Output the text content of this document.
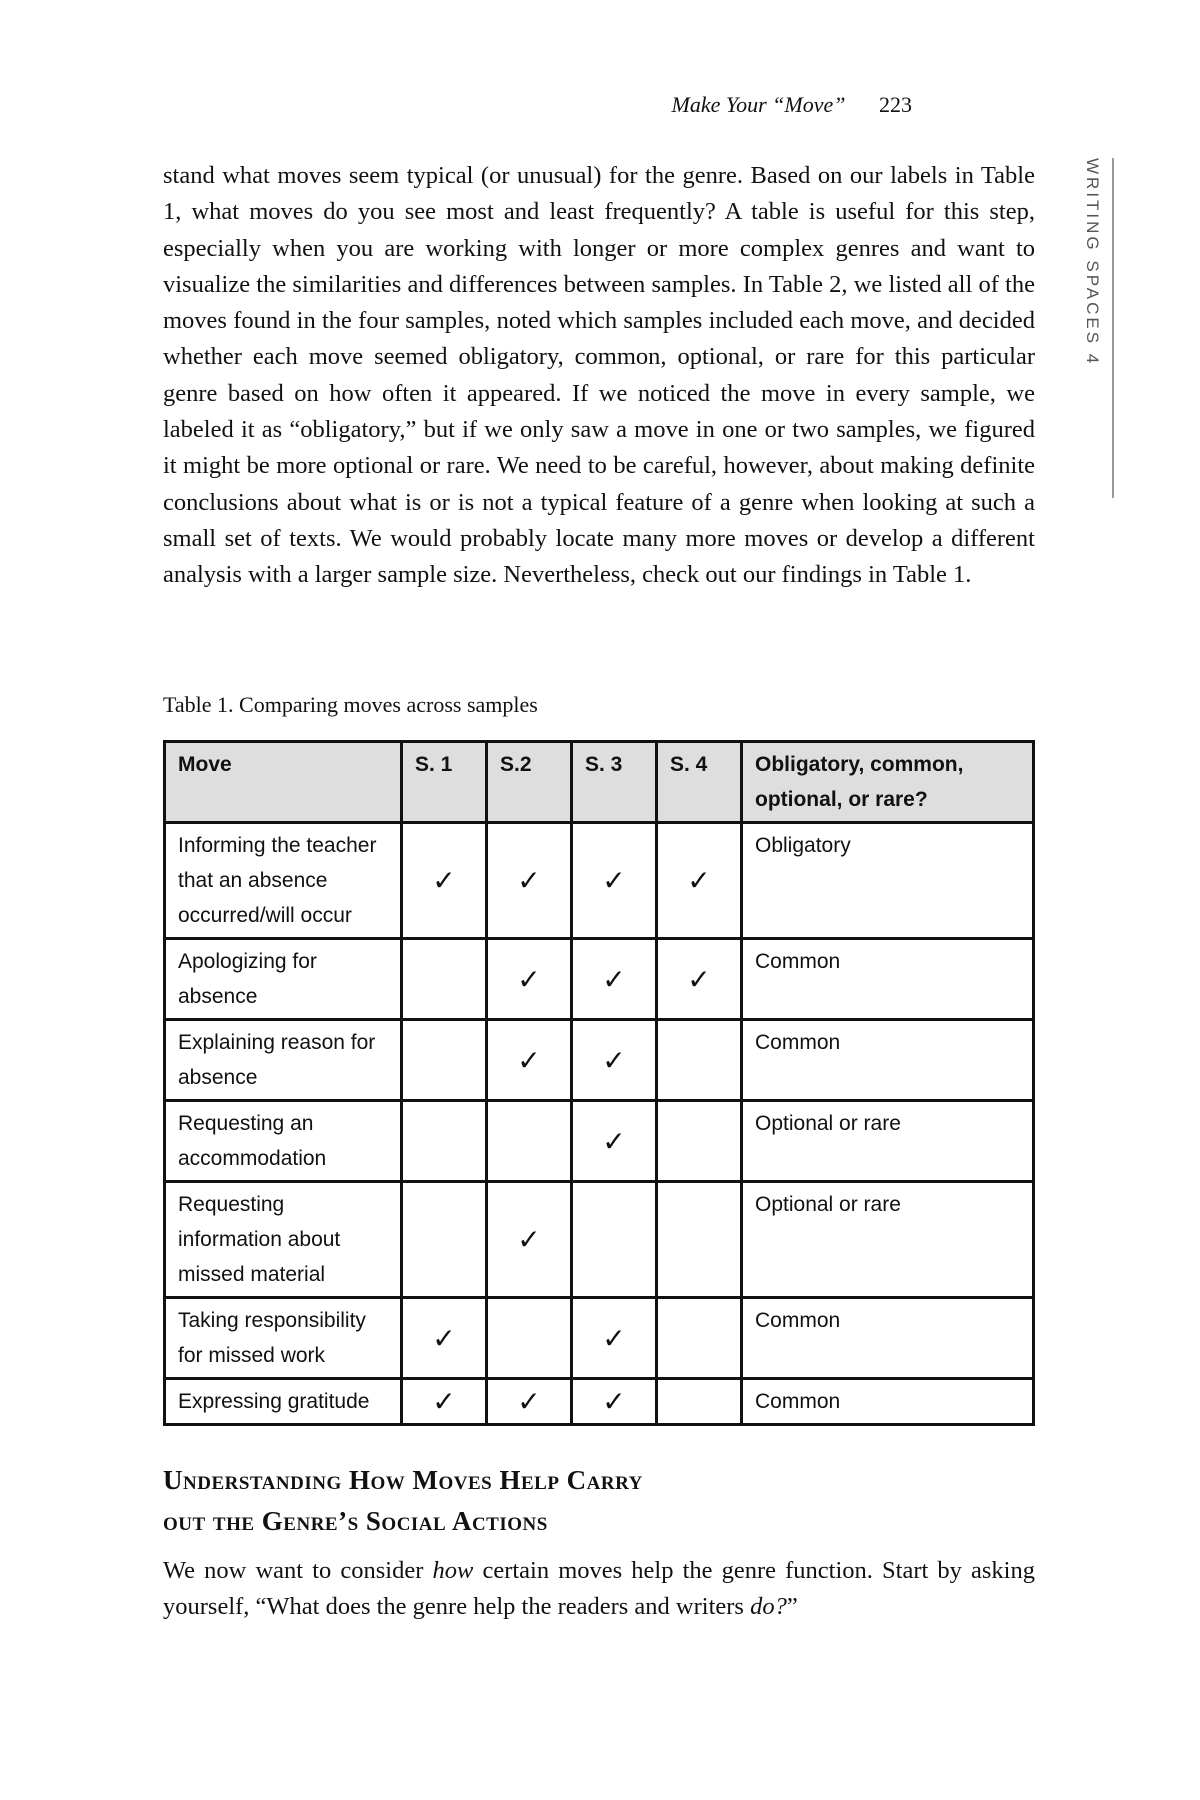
Make Your “Move” 223
WRITING SPACES 4

stand what moves seem typical (or unusual) for the genre. Based on our labels in Table 1, what moves do you see most and least frequently? A table is useful for this step, especially when you are working with longer or more complex genres and want to visualize the similarities and differences between samples. In Table 2, we listed all of the moves found in the four samples, noted which samples included each move, and decided whether each move seemed obligatory, common, optional, or rare for this particular genre based on how often it appeared. If we noticed the move in every sample, we labeled it as “obligatory,” but if we only saw a move in one or two samples, we figured it might be more optional or rare. We need to be careful, however, about making definite conclusions about what is or is not a typical feature of a genre when looking at such a small set of texts. We would probably locate many more moves or develop a different analysis with a larger sample size. Nevertheless, check out our findings in Table 1.

Table 1. Comparing moves across samples

Move	S. 1	S.2	S. 3	S. 4	Obligatory, common, optional, or rare?
Informing the teacher that an absence occurred/will occur	✓	✓	✓	✓	Obligatory
Apologizing for absence		✓	✓	✓	Common
Explaining reason for absence		✓	✓		Common
Requesting an accommodation			✓		Optional or rare
Requesting information about missed material		✓			Optional or rare
Taking responsibility for missed work	✓		✓		Common
Expressing gratitude	✓	✓	✓		Common
Understanding How Moves Help Carry
out the Genre’s Social Actions

We now want to consider how certain moves help the genre function. Start by asking yourself, “What does the genre help the readers and writers do?”
